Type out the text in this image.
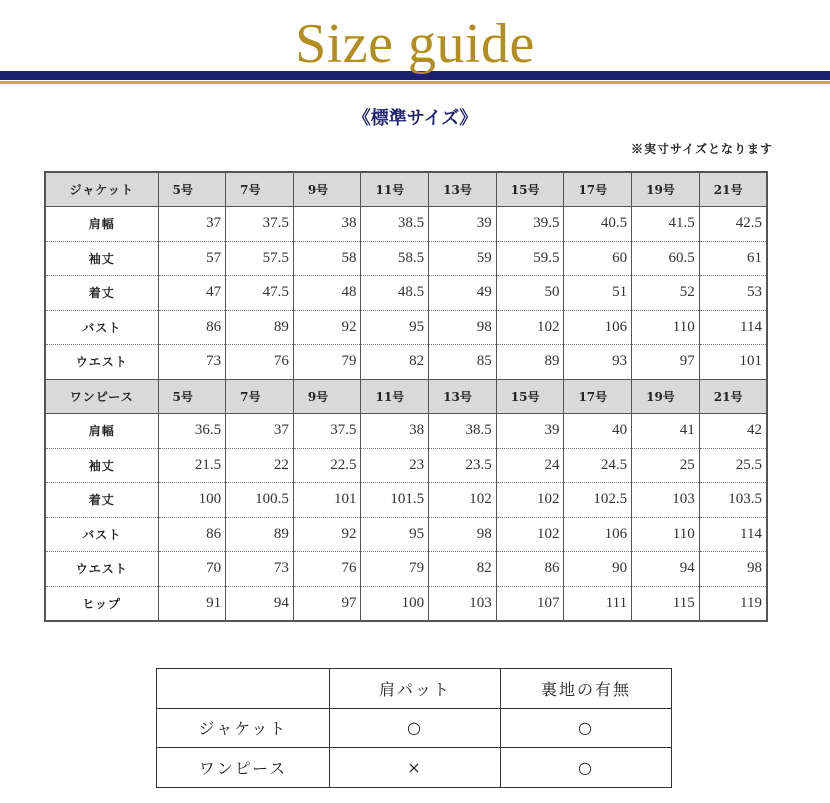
Size guide
《標準サイズ》
※実寸サイズとなります
ジャケット	5号	7号	9号	11号	13号	15号	17号	19号	21号
肩幅	37	37.5	38	38.5	39	39.5	40.5	41.5	42.5
袖丈	57	57.5	58	58.5	59	59.5	60	60.5	61
着丈	47	47.5	48	48.5	49	50	51	52	53
バスト	86	89	92	95	98	102	106	110	114
ウエスト	73	76	79	82	85	89	93	97	101
ワンピース	5号	7号	9号	11号	13号	15号	17号	19号	21号
肩幅	36.5	37	37.5	38	38.5	39	40	41	42
袖丈	21.5	22	22.5	23	23.5	24	24.5	25	25.5
着丈	100	100.5	101	101.5	102	102	102.5	103	103.5
バスト	86	89	92	95	98	102	106	110	114
ウエスト	70	73	76	79	82	86	90	94	98
ヒップ	91	94	97	100	103	107	111	115	119
	肩パット	裏地の有無
ジャケット	○	○
ワンピース	×	○
